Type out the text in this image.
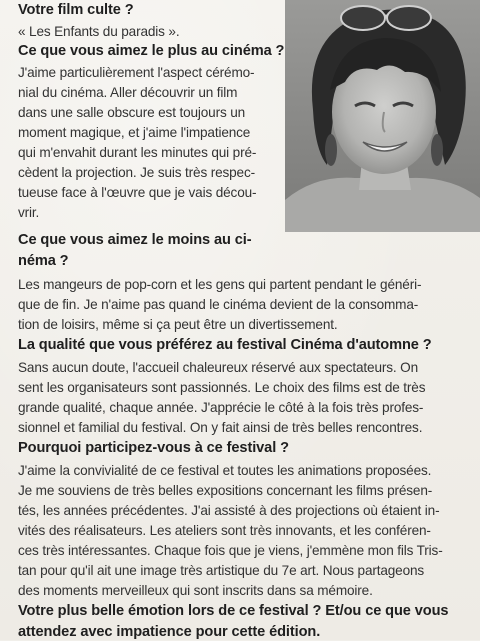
Votre film culte ?
« Les Enfants du paradis ».
Ce que vous aimez le plus au cinéma ?
J'aime particulièrement l'aspect cérémo-
nial du cinéma. Aller découvrir un film
dans une salle obscure est toujours un
moment magique, et j'aime l'impatience
qui m'envahit durant les minutes qui pré-
cèdent la projection. Je suis très respec-
tueuse face à l'œuvre que je vais décou-
vrir.
Ce que vous aimez le moins au ci-
néma ?
Les mangeurs de pop-corn et les gens qui partent pendant le généri-
que de fin. Je n'aime pas quand le cinéma devient de la consomma-
tion de loisirs, même si ça peut être un divertissement.
La qualité que vous préférez au festival Cinéma d'automne ?
Sans aucun doute, l'accueil chaleureux réservé aux spectateurs. On
sent les organisateurs sont passionnés. Le choix des films est de très
grande qualité, chaque année. J'apprécie le côté à la fois très profes-
sionnel et familial du festival. On y fait ainsi de très belles rencontres.
Pourquoi participez-vous à ce festival ?
J'aime la convivialité de ce festival et toutes les animations proposées.
Je me souviens de très belles expositions concernant les films présen-
tés, les années précédentes. J'ai assisté à des projections où étaient in-
vités des réalisateurs. Les ateliers sont très innovants, et les conféren-
ces très intéressantes. Chaque fois que je viens, j'emmène mon fils Tris-
tan pour qu'il ait une image très artistique du 7e art. Nous partageons
des moments merveilleux qui sont inscrits dans sa mémoire.
Votre plus belle émotion lors de ce festival ? Et/ou ce que vous
attendez avec impatience pour cette édition.
